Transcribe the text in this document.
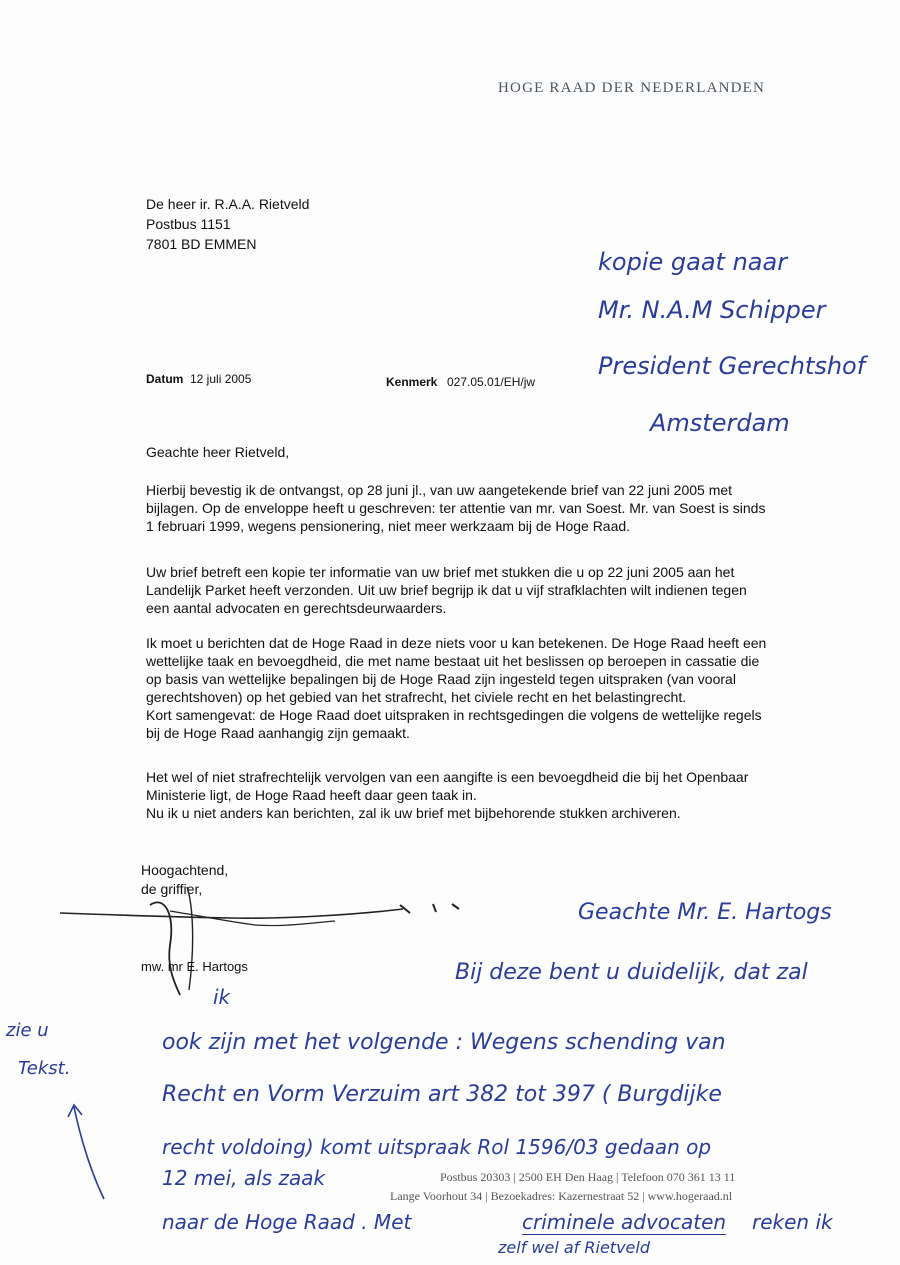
HOGE RAAD DER NEDERLANDEN
De heer ir. R.A.A. Rietveld
Postbus 1151
7801 BD EMMEN
Datum 12 juli 2005	Kenmerk 027.05.01/EH/jw
Geachte heer Rietveld,
Hierbij bevestig ik de ontvangst, op 28 juni jl., van uw aangetekende brief van 22 juni 2005 met
bijlagen. Op de enveloppe heeft u geschreven: ter attentie van mr. van Soest. Mr. van Soest is sinds
1 februari 1999, wegens pensionering, niet meer werkzaam bij de Hoge Raad.
Uw brief betreft een kopie ter informatie van uw brief met stukken die u op 22 juni 2005 aan het
Landelijk Parket heeft verzonden. Uit uw brief begrijp ik dat u vijf strafklachten wilt indienen tegen
een aantal advocaten en gerechtsdeurwaarders.
Ik moet u berichten dat de Hoge Raad in deze niets voor u kan betekenen. De Hoge Raad heeft een
wettelijke taak en bevoegdheid, die met name bestaat uit het beslissen op beroepen in cassatie die
op basis van wettelijke bepalingen bij de Hoge Raad zijn ingesteld tegen uitspraken (van vooral
gerechtshoven) op het gebied van het strafrecht, het civiele recht en het belastingrecht.
Kort samengevat: de Hoge Raad doet uitspraken in rechtsgedingen die volgens de wettelijke regels
bij de Hoge Raad aanhangig zijn gemaakt.
Het wel of niet strafrechtelijk vervolgen van een aangifte is een bevoegdheid die bij het Openbaar
Ministerie ligt, de Hoge Raad heeft daar geen taak in.
Nu ik u niet anders kan berichten, zal ik uw brief met bijbehorende stukken archiveren.
Hoogachtend,
de griffier,
mw. mr E. Hartogs
kopie gaat naar
Mr. N.A.M Schipper
President Gerechtshof
Amsterdam
Geachte Mr. E. Hartogs
Bij deze bent u duidelijk, dat zal
ik
ook zijn met het volgende : Wegens schending van
Recht en Vorm Verzuim art 382 tot 397 ( Burgdijke
recht voldoing) komt uitspraak Rol 1596/03 gedaan op
12 mei, als zaak
naar de Hoge Raad . Met	criminele advocaten reken ik
zelf wel af Rietveld
zie u
Tekst.
Postbus 20303 | 2500 EH Den Haag | Telefoon 070 361 13 11
Lange Voorhout 34 | Bezoekadres: Kazernestraat 52 | www.hogeraad.nl
